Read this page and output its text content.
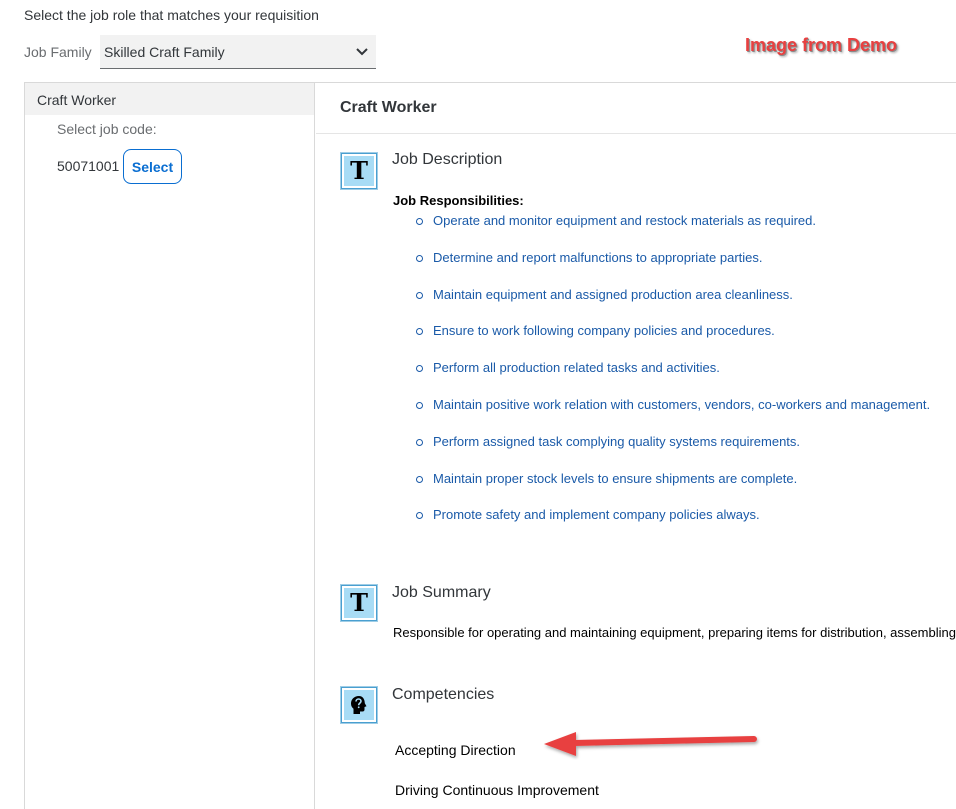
Select the job role that matches your requisition
Job Family Skilled Craft Family	Image from Demo
Craft Worker
Select job code:
50071001 Select
Craft Worker
T Job Description
Job Responsibilities:
Operate and monitor equipment and restock materials as required.
Determine and report malfunctions to appropriate parties.
Maintain equipment and assigned production area cleanliness.
Ensure to work following company policies and procedures.
Perform all production related tasks and activities.
Maintain positive work relation with customers, vendors, co-workers and management.
Perform assigned task complying quality systems requirements.
Maintain proper stock levels to ensure shipments are complete.
Promote safety and implement company policies always.
T Job Summary
Responsible for operating and maintaining equipment, preparing items for distribution, assembling
Competencies
Accepting Direction
Driving Continuous Improvement
